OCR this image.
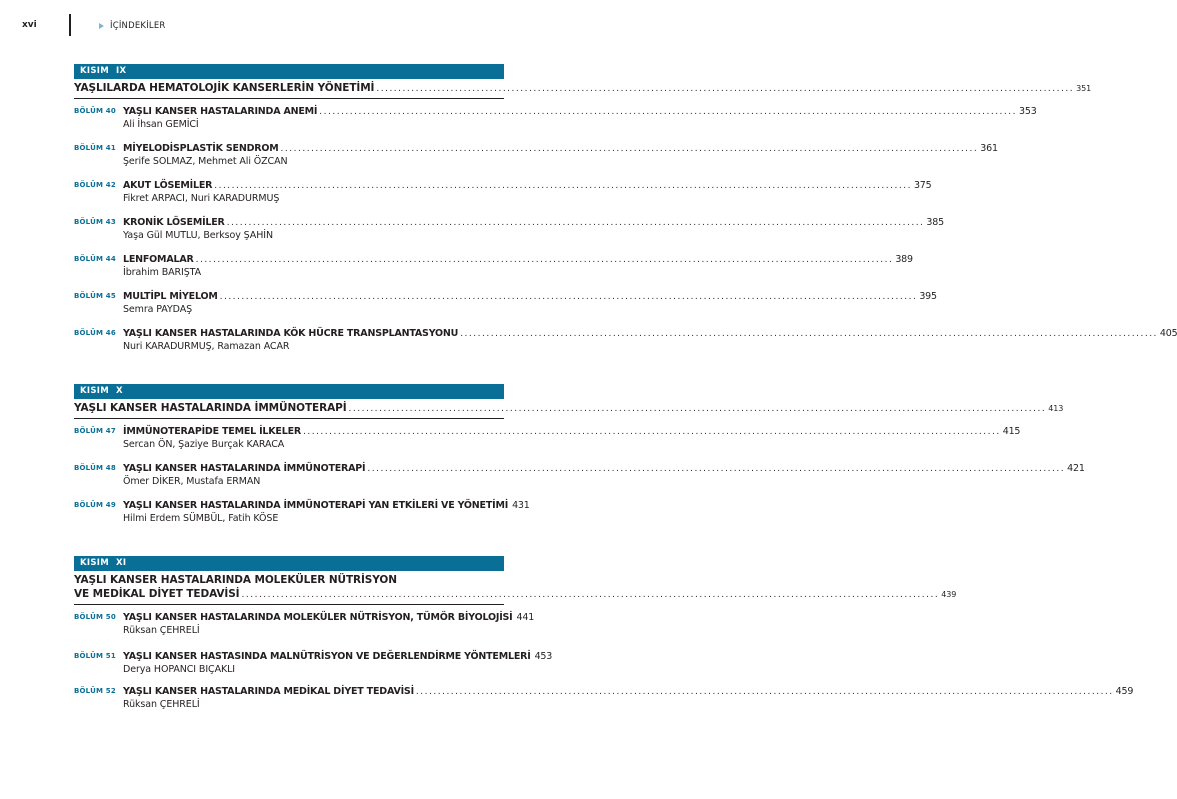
xvi	İÇİNDEKİLER
KISIM IX
YAŞLILARDA HEMATOLOJİK KANSERLERİN YÖNETİMİ ................................................................................................................................................................ 351
BÖLÜM 40 YAŞLI KANSER HASTALARINDA ANEMİ ................................................................................................................................................................ 353
Ali İhsan GEMİCİ
BÖLÜM 41 MİYELODİSPLASTİK SENDROM ................................................................................................................................................................ 361
Şerife SOLMAZ, Mehmet Ali ÖZCAN
BÖLÜM 42 AKUT LÖSEMİLER ................................................................................................................................................................ 375
Fikret ARPACI, Nuri KARADURMUŞ
BÖLÜM 43 KRONİK LÖSEMİLER ................................................................................................................................................................ 385
Yaşa Gül MUTLU, Berksoy ŞAHİN
BÖLÜM 44 LENFOMALAR ................................................................................................................................................................ 389
İbrahim BARIŞTA
BÖLÜM 45 MULTİPL MİYELOM ................................................................................................................................................................ 395
Semra PAYDAŞ
BÖLÜM 46 YAŞLI KANSER HASTALARINDA KÖK HÜCRE TRANSPLANTASYONU ................................................................................................................................................................ 405
Nuri KARADURMUŞ, Ramazan ACAR
KISIM X
YAŞLI KANSER HASTALARINDA İMMÜNOTERAPİ ................................................................................................................................................................ 413
BÖLÜM 47 İMMÜNOTERAPİDE TEMEL İLKELER ................................................................................................................................................................ 415
Sercan ÖN, Şaziye Burçak KARACA
BÖLÜM 48 YAŞLI KANSER HASTALARINDA İMMÜNOTERAPİ ................................................................................................................................................................ 421
Ömer DİKER, Mustafa ERMAN
BÖLÜM 49 YAŞLI KANSER HASTALARINDA İMMÜNOTERAPİ YAN ETKİLERİ VE YÖNETİMİ 431
Hilmi Erdem SÜMBÜL, Fatih KÖSE
KISIM XI
YAŞLI KANSER HASTALARINDA MOLEKÜLER NÜTRİSYON
VE MEDİKAL DİYET TEDAVİSİ ................................................................................................................................................................ 439
BÖLÜM 50 YAŞLI KANSER HASTALARINDA MOLEKÜLER NÜTRİSYON, TÜMÖR BİYOLOJİSİ 441
Rüksan ÇEHRELİ
BÖLÜM 51 YAŞLI KANSER HASTASINDA MALNÜTRİSYON VE DEĞERLENDİRME YÖNTEMLERİ 453
Derya HOPANCI BIÇAKLI
BÖLÜM 52 YAŞLI KANSER HASTALARINDA MEDİKAL DİYET TEDAVİSİ ................................................................................................................................................................ 459
Rüksan ÇEHRELİ
